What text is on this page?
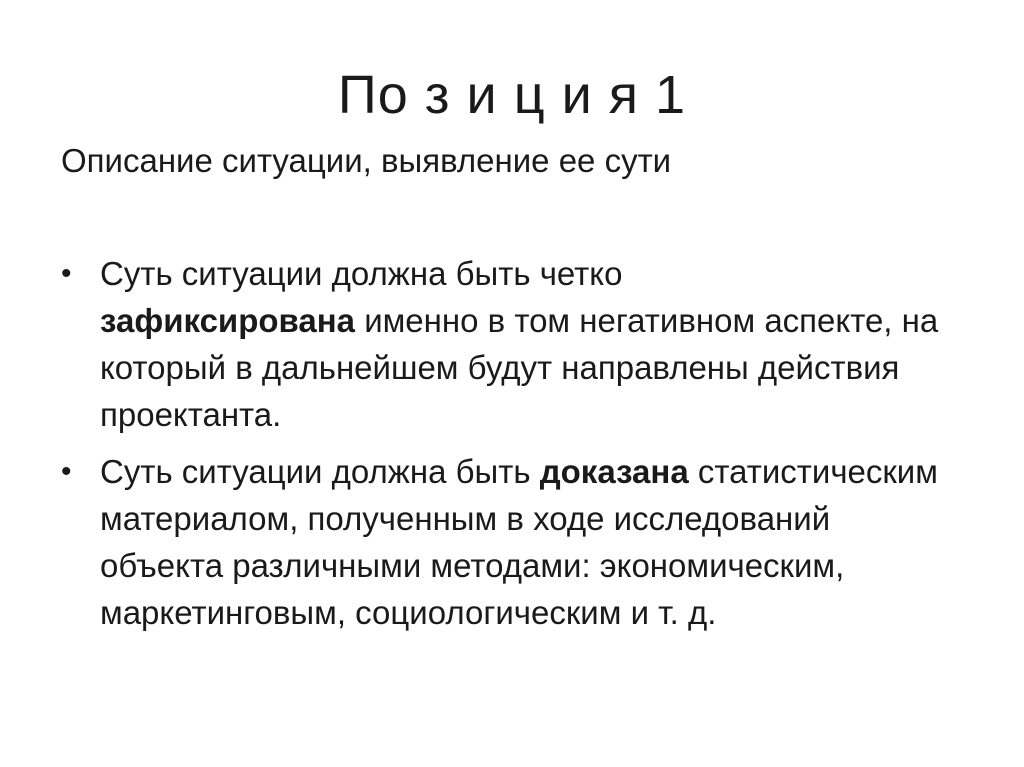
По з и ц и я 1
Описание ситуации, выявление ее сути
• Суть ситуации должна быть четко
зафиксирована именно в том негативном аспекте, на который в дальнейшем будут направлены действия проектанта.
• Суть ситуации должна быть доказана статистическим материалом, полученным в ходе исследований объекта различными методами: экономическим, маркетинговым, социологическим и т. д.
